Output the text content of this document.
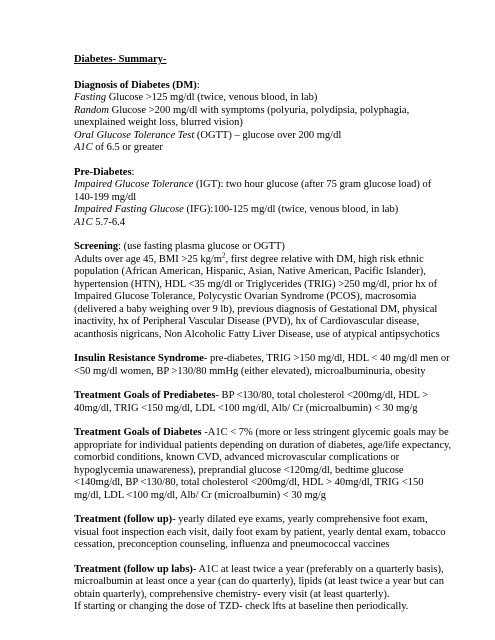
Diabetes- Summary-
Diagnosis of Diabetes (DM):
Fasting Glucose >125 mg/dl (twice, venous blood, in lab)
Random Glucose >200 mg/dl with symptoms (polyuria, polydipsia, polyphagia,
unexplained weight loss, blurred vision)
Oral Glucose Tolerance Test (OGTT) – glucose over 200 mg/dl
A1C of 6.5 or greater
Pre-Diabetes:
Impaired Glucose Tolerance (IGT): two hour glucose (after 75 gram glucose load) of
140-199 mg/dl
Impaired Fasting Glucose (IFG):100-125 mg/dl (twice, venous blood, in lab)
A1C 5.7-6.4
Screening: (use fasting plasma glucose or OGTT)
Adults over age 45, BMI >25 $kg/m^2$, first degree relative with DM, high risk ethnic
population (African American, Hispanic, Asian, Native American, Pacific Islander),
hypertension (HTN), HDL <35 mg/dl or Triglycerides (TRIG) >250 mg/dl, prior hx of
Impaired Glucose Tolerance, Polycystic Ovarian Syndrome (PCOS), macrosomia
(delivered a baby weighing over 9 lb), previous diagnosis of Gestational DM, physical
inactivity, hx of Peripheral Vascular Disease (PVD), hx of Cardiovascular disease,
acanthosis nigricans, Non Alcoholic Fatty Liver Disease, use of atypical antipsychotics
Insulin Resistance Syndrome- pre-diabetes, TRIG >150 mg/dl, HDL < 40 mg/dl men or
<50 mg/dl women, BP >130/80 mmHg (either elevated), microalbuminuria, obesity
Treatment Goals of Prediabetes- BP <130/80, total cholesterol <200mg/dl, HDL >
40mg/dl, TRIG <150 mg/dl, LDL <100 mg/dl, Alb/ Cr (microalbumin) < 30 mg/g
Treatment Goals of Diabetes -A1C < 7% (more or less stringent glycemic goals may be
appropriate for individual patients depending on duration of diabetes, age/life expectancy,
comorbid conditions, known CVD, advanced microvascular complications or
hypoglycemia unawareness), preprandial glucose <120mg/dl, bedtime glucose
<140mg/dl, BP <130/80, total cholesterol <200mg/dl, HDL > 40mg/dl, TRIG <150
mg/dl, LDL <100 mg/dl, Alb/ Cr (microalbumin) < 30 mg/g
Treatment (follow up)- yearly dilated eye exams, yearly comprehensive foot exam,
visual foot inspection each visit, daily foot exam by patient, yearly dental exam, tobacco
cessation, preconception counseling, influenza and pneumococcal vaccines
Treatment (follow up labs)- A1C at least twice a year (preferably on a quarterly basis),
microalbumin at least once a year (can do quarterly), lipids (at least twice a year but can
obtain quarterly), comprehensive chemistry- every visit (at least quarterly).
If starting or changing the dose of TZD- check lfts at baseline then periodically.
